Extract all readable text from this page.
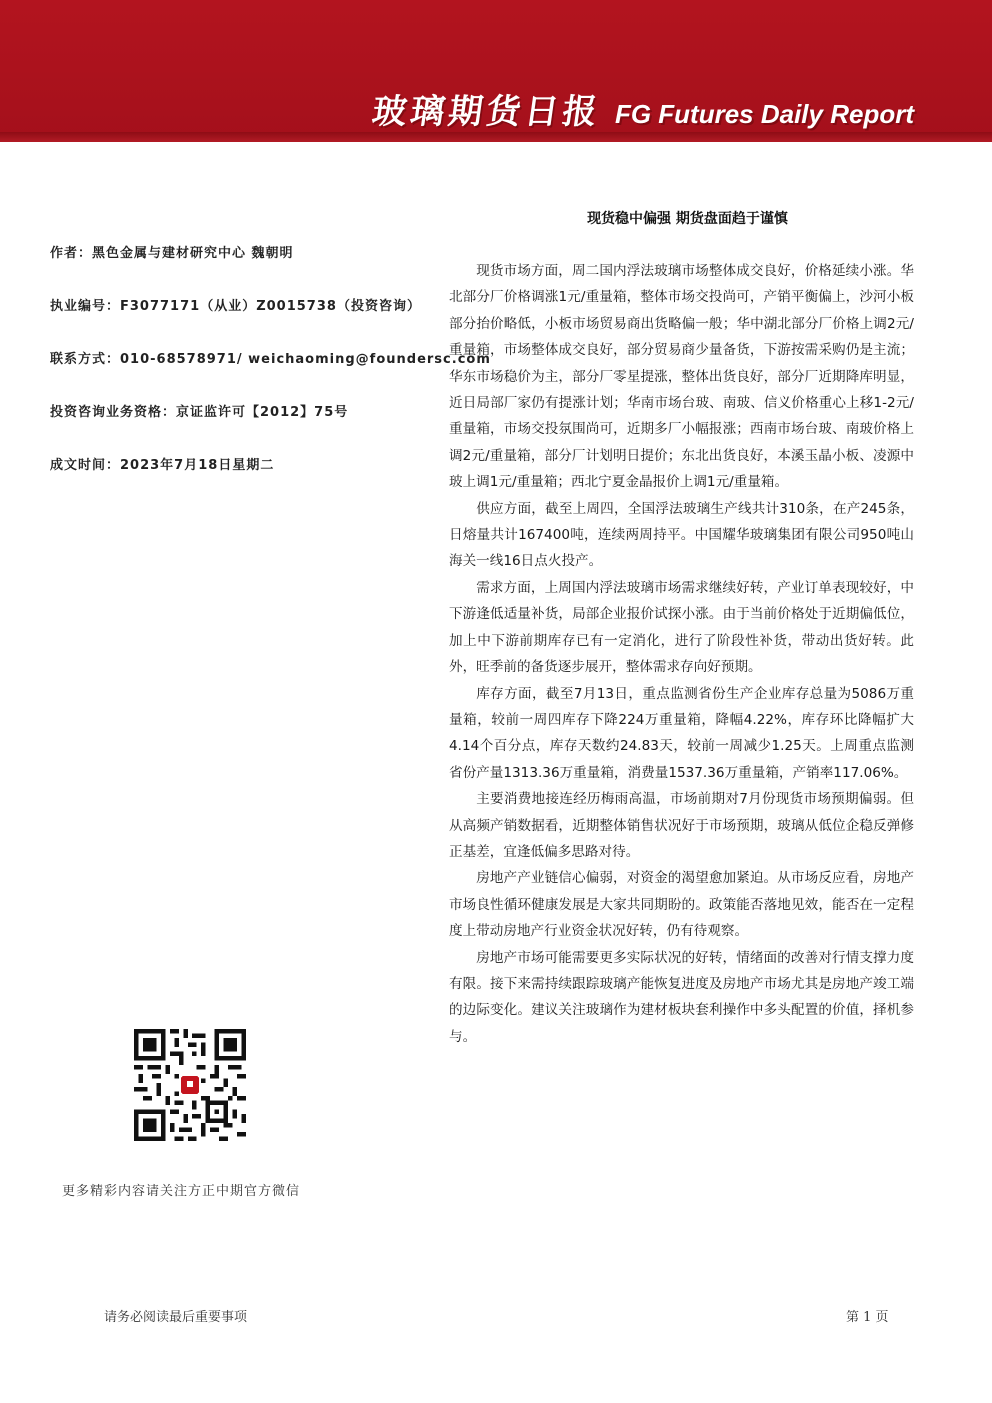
玻璃期货日报 FG Futures Daily Report
作者：黑色金属与建材研究中心 魏朝明
执业编号：F3077171（从业）Z0015738（投资咨询）
联系方式：010-68578971/ weichaoming@foundersc.com
投资咨询业务资格：京证监许可【2012】75号
成文时间：2023年7月18日星期二
更多精彩内容请关注方正中期官方微信
现货稳中偏强 期货盘面趋于谨慎

现货市场方面，周二国内浮法玻璃市场整体成交良好，价格延续小涨。华北部分厂价格调涨1元/重量箱，整体市场交投尚可，产销平衡偏上，沙河小板部分抬价略低，小板市场贸易商出货略偏一般；华中湖北部分厂价格上调2元/重量箱，市场整体成交良好，部分贸易商少量备货，下游按需采购仍是主流；华东市场稳价为主，部分厂零星提涨，整体出货良好，部分厂近期降库明显，近日局部厂家仍有提涨计划；华南市场台玻、南玻、信义价格重心上移1-2元/重量箱，市场交投氛围尚可，近期多厂小幅报涨；西南市场台玻、南玻价格上调2元/重量箱，部分厂计划明日提价；东北出货良好，本溪玉晶小板、凌源中玻上调1元/重量箱；西北宁夏金晶报价上调1元/重量箱。

供应方面，截至上周四，全国浮法玻璃生产线共计310条，在产245条，日熔量共计167400吨，连续两周持平。中国耀华玻璃集团有限公司950吨山海关一线16日点火投产。

需求方面，上周国内浮法玻璃市场需求继续好转，产业订单表现较好，中下游逢低适量补货，局部企业报价试探小涨。由于当前价格处于近期偏低位，加上中下游前期库存已有一定消化，进行了阶段性补货，带动出货好转。此外，旺季前的备货逐步展开，整体需求存向好预期。

库存方面，截至7月13日，重点监测省份生产企业库存总量为5086万重量箱，较前一周四库存下降224万重量箱，降幅4.22%，库存环比降幅扩大4.14个百分点，库存天数约24.83天，较前一周减少1.25天。上周重点监测省份产量1313.36万重量箱，消费量1537.36万重量箱，产销率117.06%。

主要消费地接连经历梅雨高温，市场前期对7月份现货市场预期偏弱。但从高频产销数据看，近期整体销售状况好于市场预期，玻璃从低位企稳反弹修正基差，宜逢低偏多思路对待。

房地产产业链信心偏弱，对资金的渴望愈加紧迫。从市场反应看，房地产市场良性循环健康发展是大家共同期盼的。政策能否落地见效，能否在一定程度上带动房地产行业资金状况好转，仍有待观察。

房地产市场可能需要更多实际状况的好转，情绪面的改善对行情支撑力度有限。接下来需持续跟踪玻璃产能恢复进度及房地产市场尤其是房地产竣工端的边际变化。建议关注玻璃作为建材板块套利操作中多头配置的价值，择机参与。

请务必阅读最后重要事项	第 1 页
